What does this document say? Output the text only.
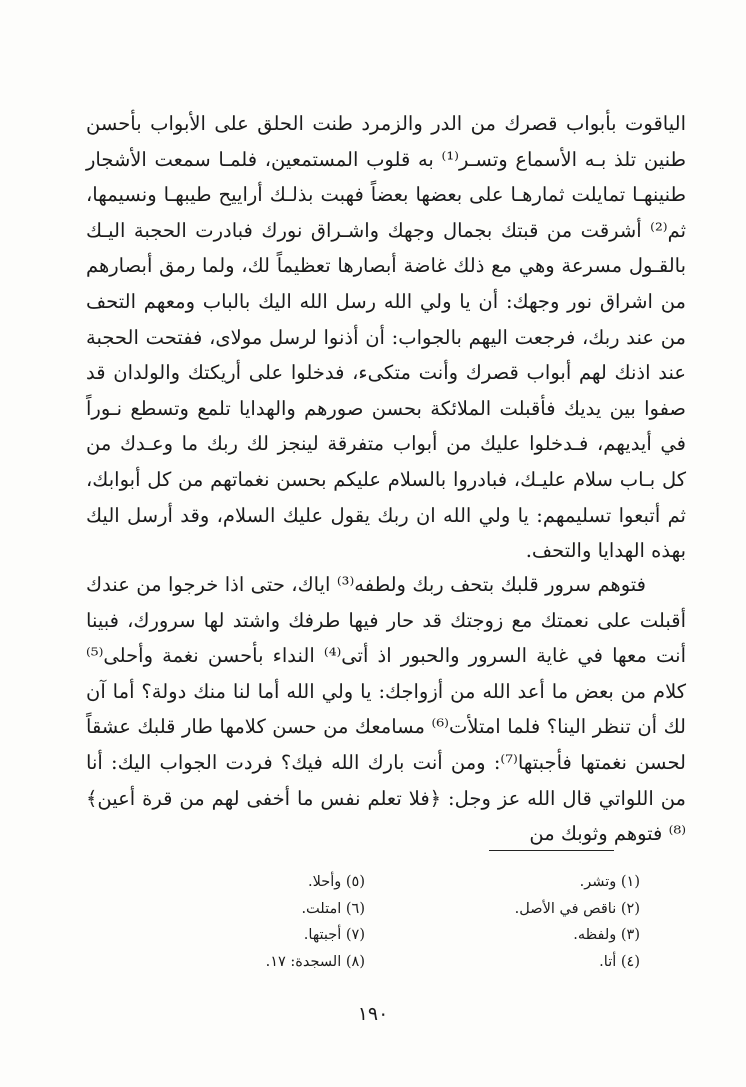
الياقوت بأبواب قصرك من الدر والزمرد طنت الحلق على الأبواب بأحسن طنين تلذ بـه الأسماع وتسـر⁽¹⁾ به قلوب المستمعين، فلمـا سمعت الأشجار طنينهـا تمايلت ثمارهـا على بعضها بعضاً فهبت بذلـك أراييح طيبهـا ونسيمها، ثم⁽²⁾ أشرقت من قبتك بجمال وجهك واشـراق نورك فبادرت الحجبة اليـك بالقـول مسرعة وهي مع ذلك غاضة أبصارها تعظيماً لك، ولما رمق أبصارهم من اشراق نور وجهك: أن يا ولي الله رسل الله اليك بالباب ومعهم التحف من عند ربك، فرجعت اليهم بالجواب: أن أذنوا لرسل مولاى، ففتحت الحجبة عند اذنك لهم أبواب قصرك وأنت متكىء، فدخلوا على أريكتك والولدان قد صفوا بين يديك فأقبلت الملائكة بحسن صورهم والهدايا تلمع وتسطع نـوراً في أيديهم، فـدخلوا عليك من أبواب متفرقة لينجز لك ربك ما وعـدك من كل بـاب سلام عليـك، فبادروا بالسلام عليكم بحسن نغماتهم من كل أبوابك، ثم أتبعوا تسليمهم: يا ولي الله ان ربك يقول عليك السلام، وقد أرسل اليك بهذه الهدايا والتحف.

فتوهم سرور قلبك بتحف ربك ولطفه⁽³⁾ اياك، حتى اذا خرجوا من عندك أقبلت على نعمتك مع زوجتك قد حار فيها طرفك واشتد لها سرورك، فبينا أنت معها في غاية السرور والحبور اذ أتى⁽⁴⁾ النداء بأحسن نغمة وأحلى⁽⁵⁾ كلام من بعض ما أعد الله من أزواجك: يا ولي الله أما لنا منك دولة؟ أما آن لك أن تنظر الينا؟ فلما امتلأت⁽⁶⁾ مسامعك من حسن كلامها طار قلبك عشقاً لحسن نغمتها فأجبتها⁽⁷⁾: ومن أنت بارك الله فيك؟ فردت الجواب اليك: أنا من اللواتي قال الله عز وجل: ﴿فلا تعلم نفس ما أخفى لهم من قرة أعين﴾⁽⁸⁾ فتوهم وثوبك من

(١) وتشر.
(٢) ناقص في الأصل.
(٣) ولفظه.
(٤) أتا.
(٥) وأحلا.
(٦) امتلت.
(٧) أجبتها.
(٨) السجدة: ١٧.
١٩٠
